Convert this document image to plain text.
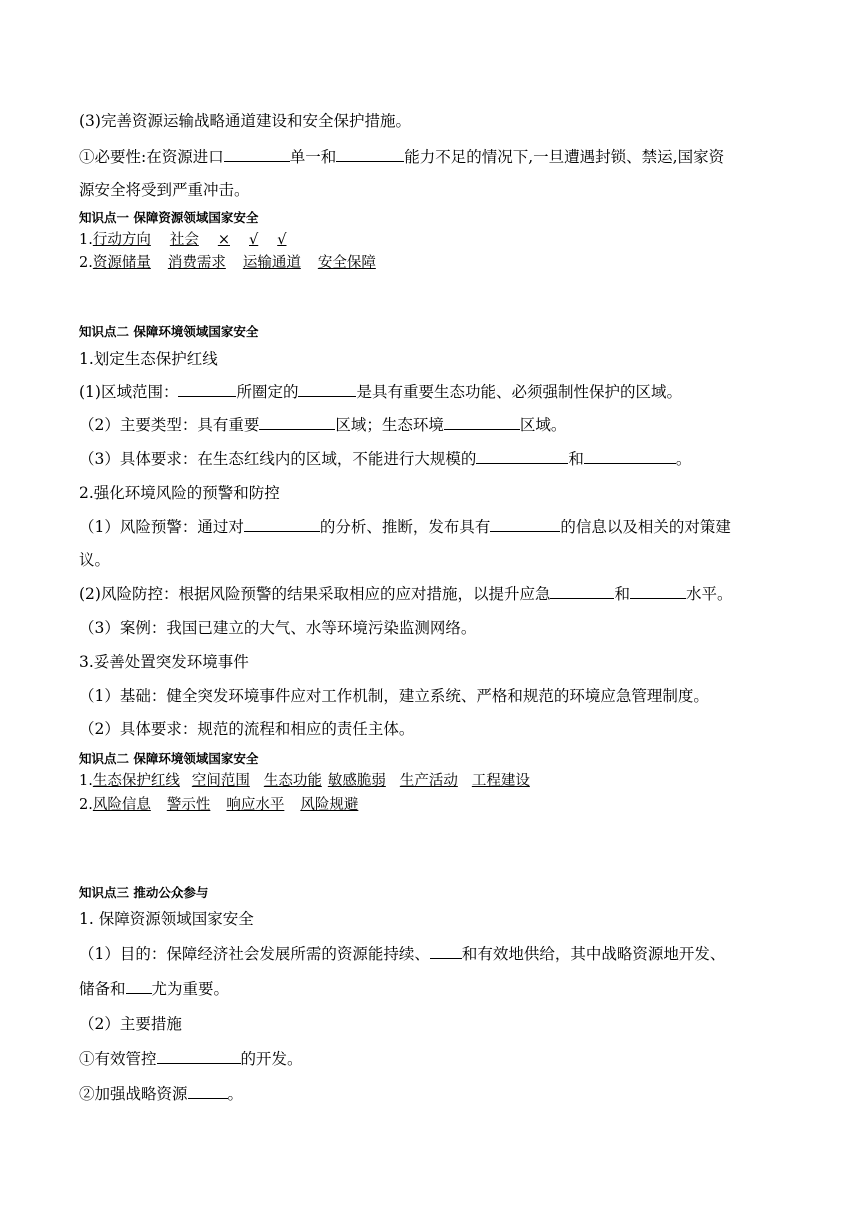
(3)完善资源运输战略通道建设和安全保护措施。
①必要性:在资源进口	单一和	能力不足的情况下,一旦遭遇封锁、禁运,国家资
源安全将受到严重冲击。
知识点一 保障资源领域国家安全
1.行动方向 社会 × √ √
2.资源储量 消费需求 运输通道 安全保障
知识点二 保障环境领域国家安全
1.划定生态保护红线
(1)区域范围：	所圈定的	是具有重要生态功能、必须强制性保护的区域。
（2）主要类型：具有重要	区域；生态环境	区域。
（3）具体要求：在生态红线内的区域，不能进行大规模的	和	。
2.强化环境风险的预警和防控
（1）风险预警：通过对	的分析、推断，发布具有	的信息以及相关的对策建
议。
(2)风险防控：根据风险预警的结果采取相应的应对措施，以提升应急	和	水平。
（3）案例：我国已建立的大气、水等环境污染监测网络。
3.妥善处置突发环境事件
（1）基础：健全突发环境事件应对工作机制，建立系统、严格和规范的环境应急管理制度。
（2）具体要求：规范的流程和相应的责任主体。
知识点二 保障环境领域国家安全
1.生态保护红线 空间范围 生态功能 敏感脆弱 生产活动 工程建设
2.风险信息 警示性 响应水平 风险规避
知识点三 推动公众参与
1. 保障资源领域国家安全
（1）目的：保障经济社会发展所需的资源能持续、 和有效地供给，其中战略资源地开发、
储备和 尤为重要。
（2）主要措施
①有效管控	的开发。
②加强战略资源	。
